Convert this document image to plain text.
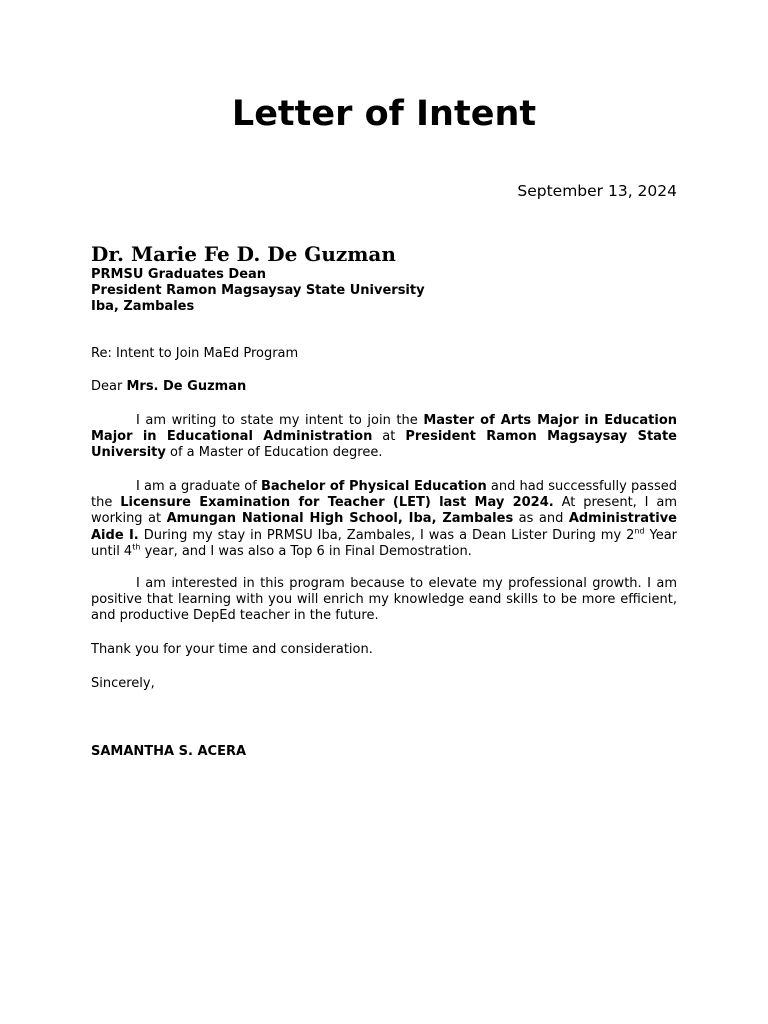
Letter of Intent
September 13, 2024
Dr. Marie Fe D. De Guzman
PRMSU Graduates Dean
President Ramon Magsaysay State University
Iba, Zambales
Re: Intent to Join MaEd Program
Dear Mrs. De Guzman
I am writing to state my intent to join the Master of Arts Major in Education Major in Educational Administration at President Ramon Magsaysay State University of a Master of Education degree.
I am a graduate of Bachelor of Physical Education and had successfully passed the Licensure Examination for Teacher (LET) last May 2024. At present, I am working at Amungan National High School, Iba, Zambales as and Administrative Aide I. During my stay in PRMSU Iba, Zambales, I was a Dean Lister During my 2nd Year until 4th year, and I was also a Top 6 in Final Demostration.
I am interested in this program because to elevate my professional growth. I am positive that learning with you will enrich my knowledge eand skills to be more efficient, and productive DepEd teacher in the future.
Thank you for your time and consideration.
Sincerely,
SAMANTHA S. ACERA
